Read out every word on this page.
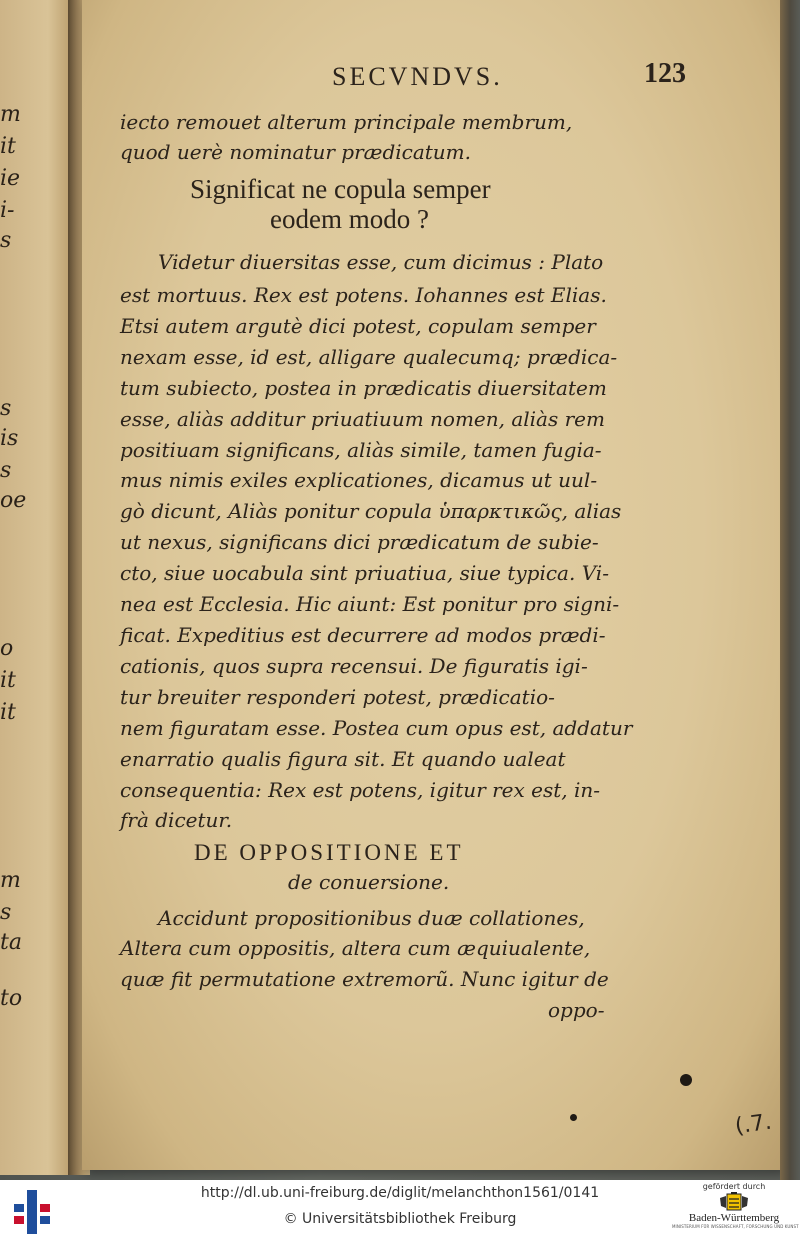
m
it
ie
i-
s
s
is
s
oe
o
it
it
m
s
ta
to
SECVNDVS.	123
iecto remouet alterum principale membrum,
quod uerè nominatur prædicatum.
Significat ne copula semper
eodem modo ?
Videtur diuersitas esse, cum dicimus : Plato
est mortuus. Rex est potens. Iohannes est Elias.
Etsi autem argutè dici potest, copulam semper
nexam esse, id est, alligare qualecumq; prædica-
tum subiecto, postea in prædicatis diuersitatem
esse, aliàs additur priuatiuum nomen, aliàs rem
positiuam significans, aliàs simile, tamen fugia-
mus nimis exiles explicationes, dicamus ut uul-
gò dicunt, Aliàs ponitur copula ὑπαρκτικῶς, alias
ut nexus, significans dici prædicatum de subie-
cto, siue uocabula sint priuatiua, siue typica. Vi-
nea est Ecclesia. Hic aiunt: Est ponitur pro signi-
ficat. Expeditius est decurrere ad modos prædi-
cationis, quos supra recensui. De figuratis igi-
tur breuiter responderi potest, prædicatio-
nem figuratam esse. Postea cum opus est, addatur
enarratio qualis figura sit. Et quando ualeat
consequentia: Rex est potens, igitur rex est, in-
frà dicetur.
DE OPPOSITIONE ET
de conuersione.
Accidunt propositionibus duæ collationes,
Altera cum oppositis, altera cum æquiualente,
quæ fit permutatione extremorũ. Nunc igitur de
oppo-
(.7.
http://dl.ub.uni-freiburg.de/diglit/melanchthon1561/0141
© Universitätsbibliothek Freiburg
gefördert durch
Baden-Württemberg
MINISTERIUM FÜR WISSENSCHAFT, FORSCHUNG UND KUNST
